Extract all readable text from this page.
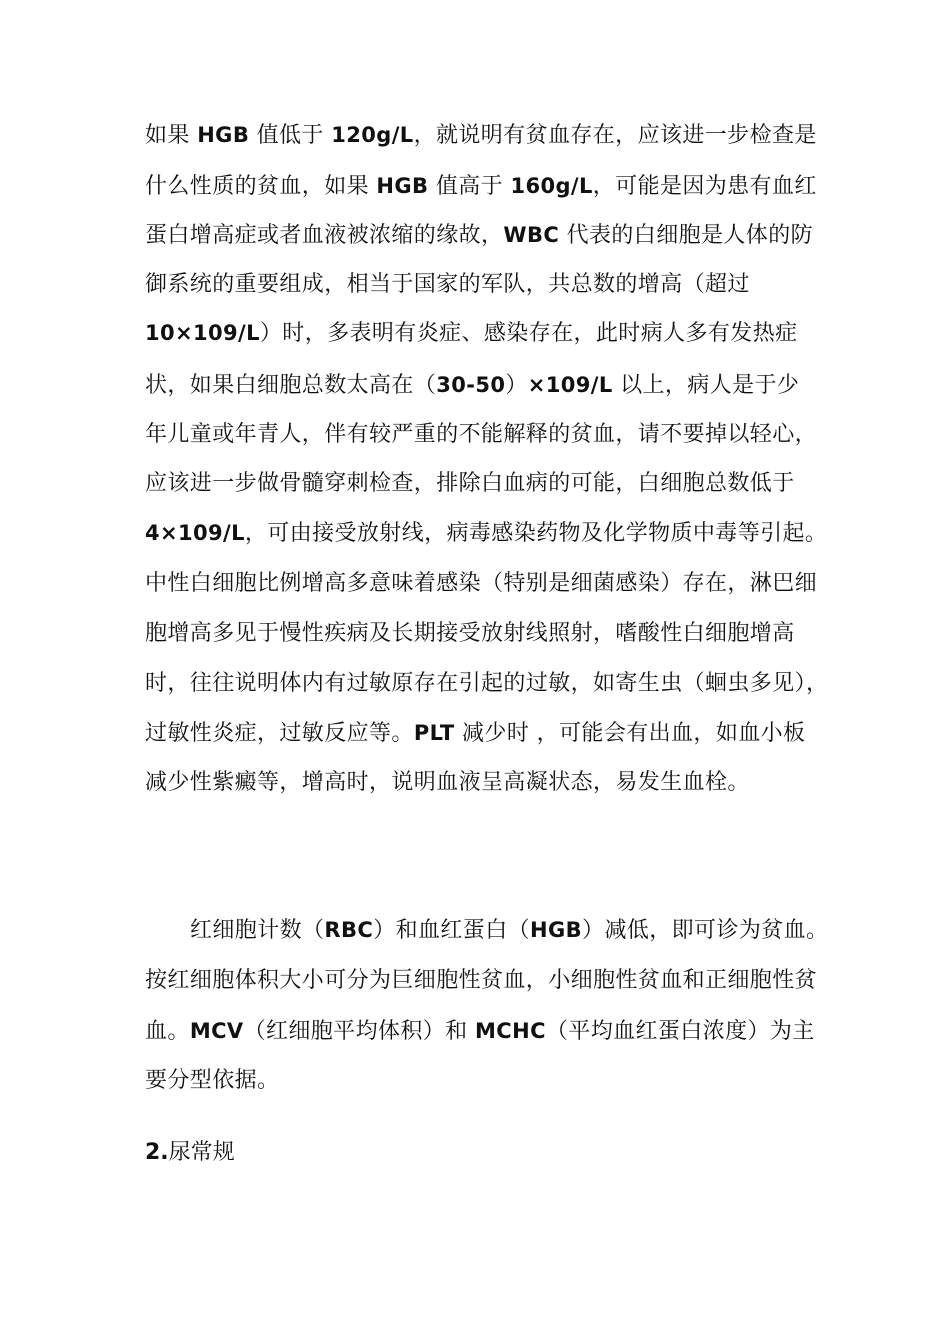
如果 HGB 值低于 120g/L，就说明有贫血存在，应该进一步检查是
什么性质的贫血，如果 HGB 值高于 160g/L，可能是因为患有血红
蛋白增高症或者血液被浓缩的缘故，WBC 代表的白细胞是人体的防
御系统的重要组成，相当于国家的军队，共总数的增高（超过
10×109/L）时，多表明有炎症、感染存在，此时病人多有发热症
状，如果白细胞总数太高在（30-50）×109/L 以上，病人是于少
年儿童或年青人，伴有较严重的不能解释的贫血，请不要掉以轻心，
应该进一步做骨髓穿刺检查，排除白血病的可能，白细胞总数低于
4×109/L，可由接受放射线，病毒感染药物及化学物质中毒等引起。
中性白细胞比例增高多意味着感染（特别是细菌感染）存在，淋巴细
胞增高多见于慢性疾病及长期接受放射线照射，嗜酸性白细胞增高
时，往往说明体内有过敏原存在引起的过敏，如寄生虫（蛔虫多见），
过敏性炎症，过敏反应等。PLT 减少时 ，可能会有出血，如血小板
减少性紫癜等，增高时，说明血液呈高凝状态，易发生血栓。
红细胞计数（RBC）和血红蛋白（HGB）减低，即可诊为贫血。
按红细胞体积大小可分为巨细胞性贫血，小细胞性贫血和正细胞性贫
血。MCV（红细胞平均体积）和 MCHC（平均血红蛋白浓度）为主
要分型依据。
2.尿常规
